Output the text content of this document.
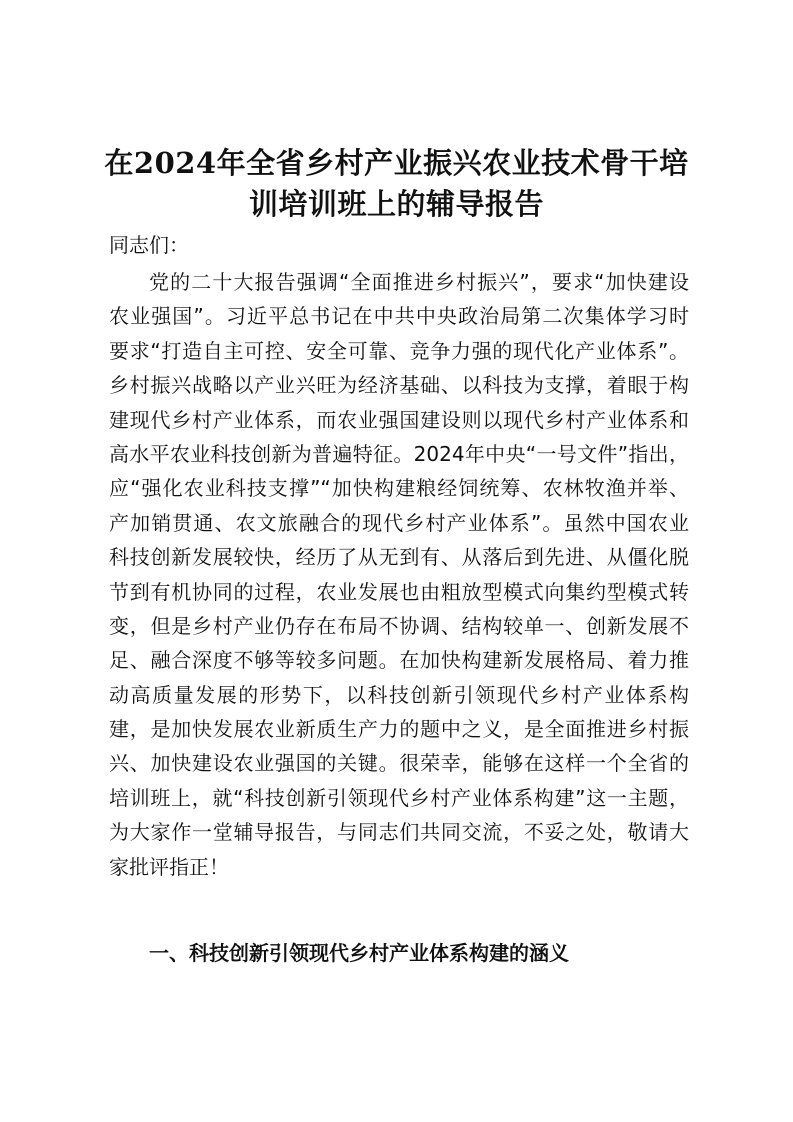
在2024年全省乡村产业振兴农业技术骨干培
训培训班上的辅导报告

同志们：

党的二十大报告强调“全面推进乡村振兴”，要求“加快建设
农业强国”。习近平总书记在中共中央政治局第二次集体学习时
要求“打造自主可控、安全可靠、竞争力强的现代化产业体系”。
乡村振兴战略以产业兴旺为经济基础、以科技为支撑，着眼于构
建现代乡村产业体系，而农业强国建设则以现代乡村产业体系和
高水平农业科技创新为普遍特征。2024年中央“一号文件”指出，
应“强化农业科技支撑”“加快构建粮经饲统筹、农林牧渔并举、
产加销贯通、农文旅融合的现代乡村产业体系”。虽然中国农业
科技创新发展较快，经历了从无到有、从落后到先进、从僵化脱
节到有机协同的过程，农业发展也由粗放型模式向集约型模式转
变，但是乡村产业仍存在布局不协调、结构较单一、创新发展不
足、融合深度不够等较多问题。在加快构建新发展格局、着力推
动高质量发展的形势下，以科技创新引领现代乡村产业体系构
建，是加快发展农业新质生产力的题中之义，是全面推进乡村振
兴、加快建设农业强国的关键。很荣幸，能够在这样一个全省的
培训班上，就“科技创新引领现代乡村产业体系构建”这一主题，
为大家作一堂辅导报告，与同志们共同交流，不妥之处，敬请大
家批评指正！
一、科技创新引领现代乡村产业体系构建的涵义
